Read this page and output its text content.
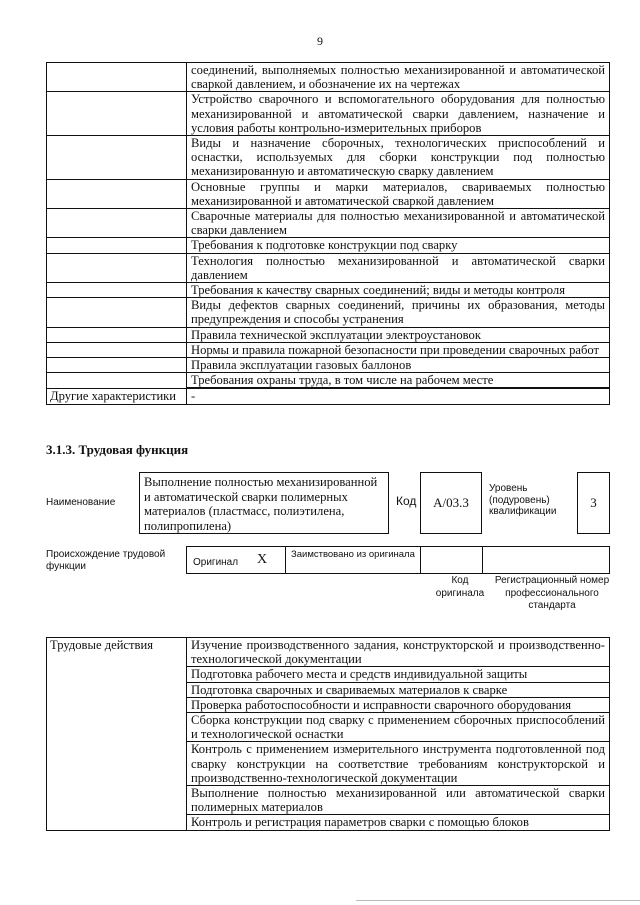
9
	соединений, выполняемых полностью механизированной и автоматической сваркой давлением, и обозначение их на чертежах
	Устройство сварочного и вспомогательного оборудования для полностью механизированной и автоматической сварки давлением, назначение и условия работы контрольно-измерительных приборов
	Виды и назначение сборочных, технологических приспособлений и оснастки, используемых для сборки конструкции под полностью механизированную и автоматическую сварку давлением
	Основные группы и марки материалов, свариваемых полностью механизированной и автоматической сваркой давлением
	Сварочные материалы для полностью механизированной и автоматической сварки давлением
	Требования к подготовке конструкции под сварку
	Технология полностью механизированной и автоматической сварки давлением
	Требования к качеству сварных соединений; виды и методы контроля
	Виды дефектов сварных соединений, причины их образования, методы предупреждения и способы устранения
	Правила технической эксплуатации электроустановок
	Нормы и правила пожарной безопасности при проведении сварочных работ
	Правила эксплуатации газовых баллонов
	Требования охраны труда, в том числе на рабочем месте
Другие характеристики	-
3.1.3. Трудовая функция
Наименование
Выполнение полностью механизированной и автоматической сварки полимерных материалов (пластмасс, полиэтилена, полипропилена)
Код	А/03.3
Уровень (подуровень) квалификации
3
Происхождение трудовой функции	Оригинал X	Заимствовано из оригинала
Код оригинала
Регистрационный номер профессионального стандарта
Трудовые действия	Изучение производственного задания, конструкторской и производственно-технологической документации
Подготовка рабочего места и средств индивидуальной защиты
Подготовка сварочных и свариваемых материалов к сварке
Проверка работоспособности и исправности сварочного оборудования
Сборка конструкции под сварку с применением сборочных приспособлений и технологической оснастки
Контроль с применением измерительного инструмента подготовленной под сварку конструкции на соответствие требованиям конструкторской и производственно-технологической документации
Выполнение полностью механизированной или автоматической сварки полимерных материалов
Контроль и регистрация параметров сварки с помощью блоков
